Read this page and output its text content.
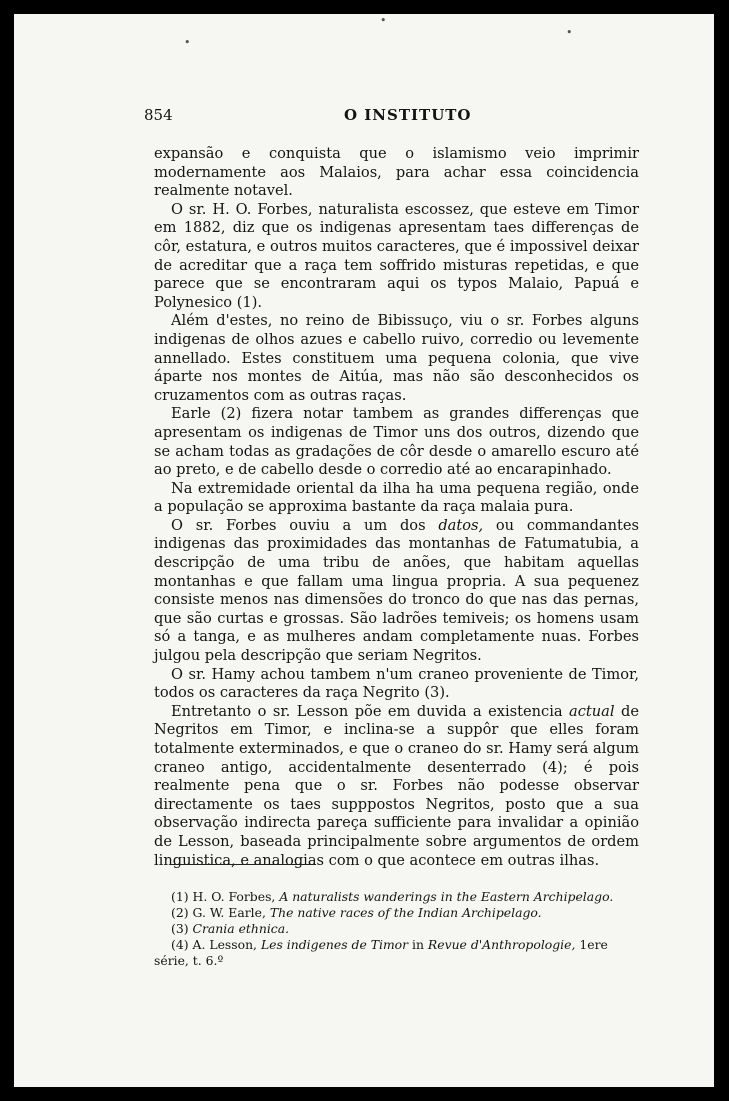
•
•
•
854	O INSTITUTO

expansão e conquista que o islamismo veio imprimir modernamente aos Malaios, para achar essa coincidencia realmente notavel.

O sr. H. O. Forbes, naturalista escossez, que esteve em Timor em 1882, diz que os indigenas apresentam taes differenças de côr, estatura, e outros muitos caracteres, que é impossivel deixar de acreditar que a raça tem soffrido misturas repetidas, e que parece que se encontraram aqui os typos Malaio, Papuá e Polynesico (1).

Além d'estes, no reino de Bibissuço, viu o sr. Forbes alguns indigenas de olhos azues e cabello ruivo, corredio ou levemente annellado. Estes constituem uma pequena colonia, que vive áparte nos montes de Aitúa, mas não são desconhecidos os cruzamentos com as outras raças.

Earle (2) fizera notar tambem as grandes differenças que apresentam os indigenas de Timor uns dos outros, dizendo que se acham todas as gradações de côr desde o amarello escuro até ao preto, e de cabello desde o corredio até ao encarapinhado.

Na extremidade oriental da ilha ha uma pequena região, onde a população se approxima bastante da raça malaia pura.

O sr. Forbes ouviu a um dos datos, ou commandantes indigenas das proximidades das montanhas de Fatumatubia, a descripção de uma tribu de anões, que habitam aquellas montanhas e que fallam uma lingua propria. A sua pequenez consiste menos nas dimensões do tronco do que nas das pernas, que são curtas e grossas. São ladrões temiveis; os homens usam só a tanga, e as mulheres andam completamente nuas. Forbes julgou pela descripção que seriam Negritos.

O sr. Hamy achou tambem n'um craneo proveniente de Timor, todos os caracteres da raça Negrito (3).

Entretanto o sr. Lesson põe em duvida a existencia actual de Negritos em Timor, e inclina-se a suppôr que elles foram totalmente exterminados, e que o craneo do sr. Hamy será algum craneo antigo, accidentalmente desenterrado (4); é pois realmente pena que o sr. Forbes não podesse observar directamente os taes supppostos Negritos, posto que a sua observação indirecta pareça sufficiente para invalidar a opinião de Lesson, baseada principalmente sobre argumentos de ordem linguistica, e analogias com o que acontece em outras ilhas.

(1) H. O. Forbes, A naturalists wanderings in the Eastern Archipelago.

(2) G. W. Earle, The native races of the Indian Archipelago.

(3) Crania ethnica.

(4) A. Lesson, Les indigenes de Timor in Revue d'Anthropologie, 1ere série, t. 6.º
